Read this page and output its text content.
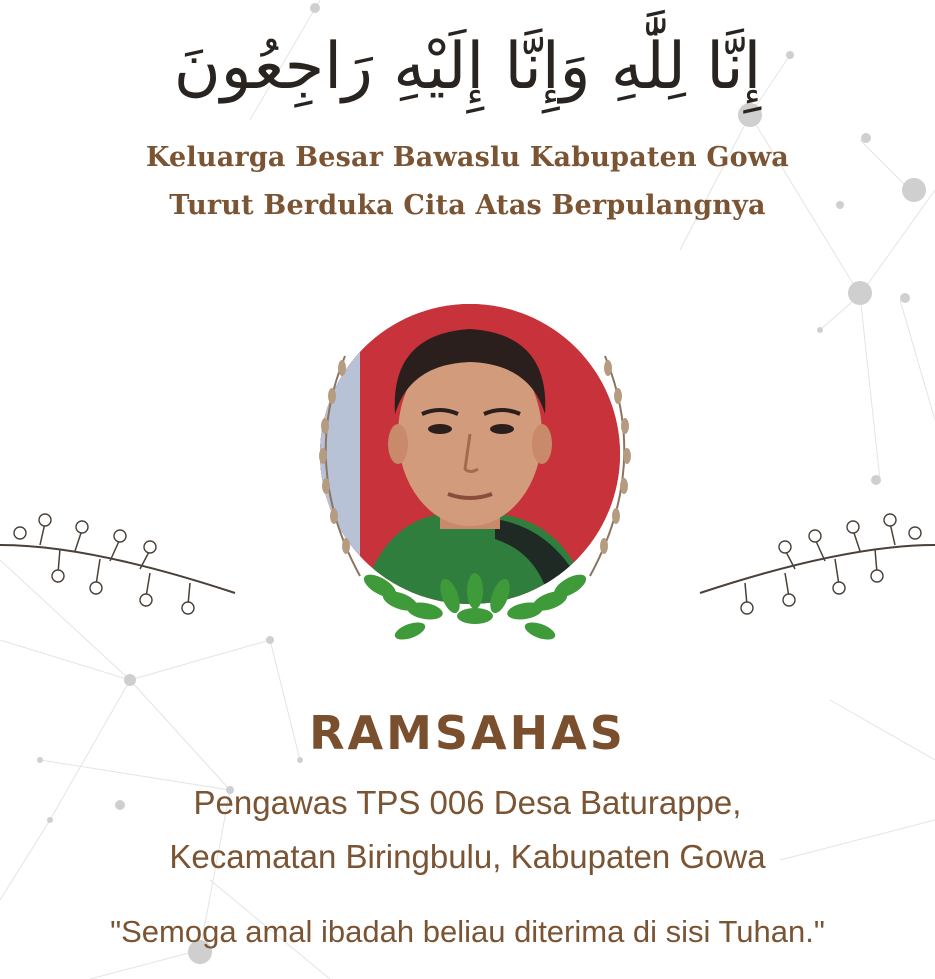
إِنَّا لِلَّٰهِ وَإِنَّا إِلَيْهِ رَاجِعُونَ
Keluarga Besar Bawaslu Kabupaten Gowa
Turut Berduka Cita Atas Berpulangnya
RAMSAHAS
Pengawas TPS 006 Desa Baturappe,
Kecamatan Biringbulu, Kabupaten Gowa
"Semoga amal ibadah beliau diterima di sisi Tuhan."
